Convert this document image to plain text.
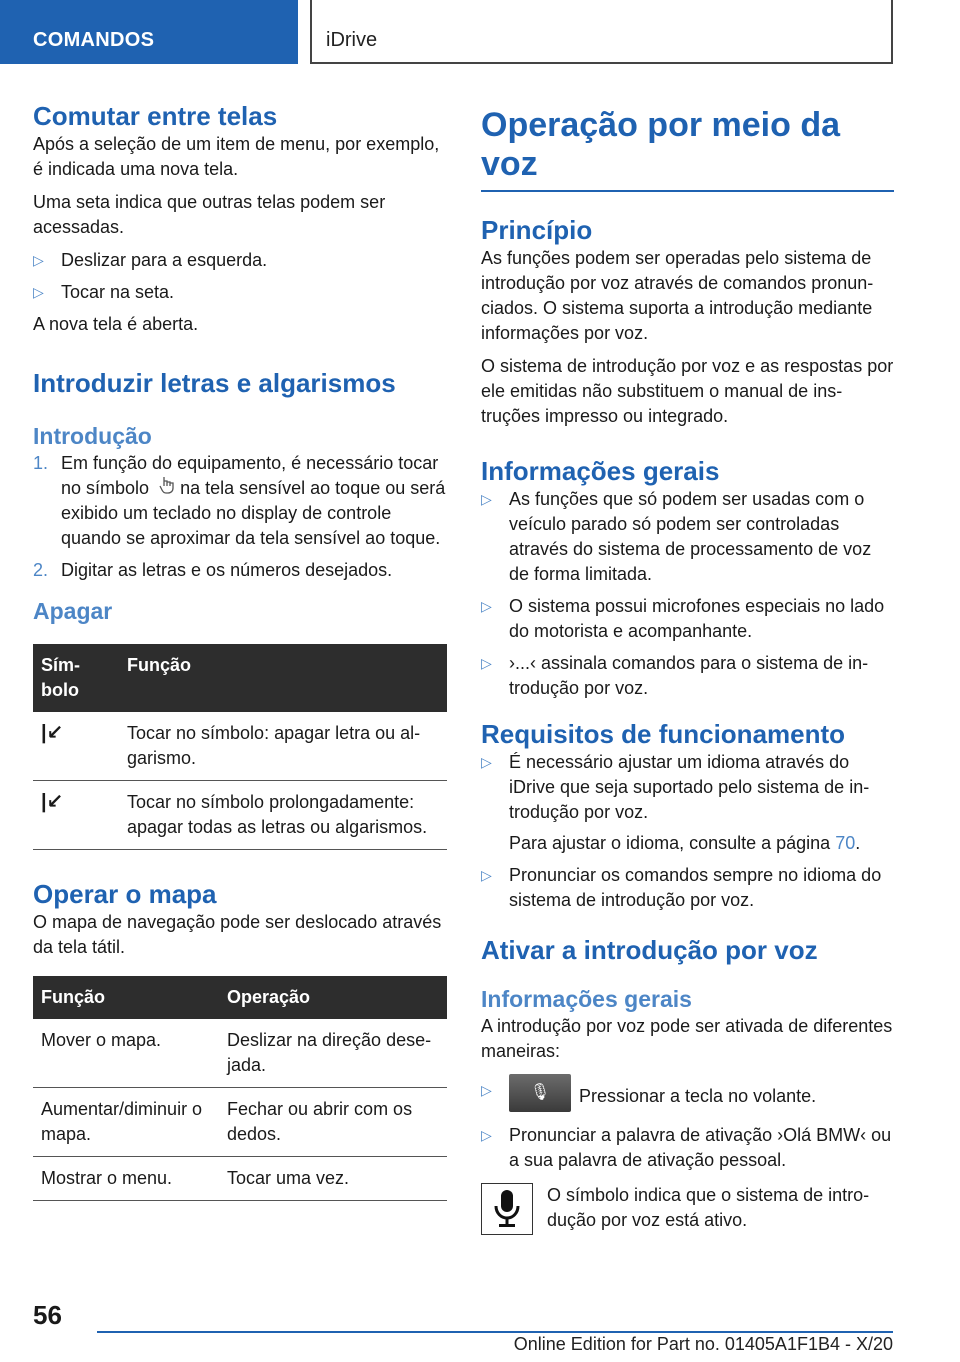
COMANDOS	iDrive
Comutar entre telas

Após a seleção de um item de menu, por exemplo, é indicada uma nova tela.

Uma seta indica que outras telas podem ser acessadas.

▷ Deslizar para a esquerda.
▷ Tocar na seta.

A nova tela é aberta.

Introduzir letras e algarismos
Introdução
1. Em função do equipamento, é necessário tocar no símbolo na tela sensível ao toque ou será exibido um teclado no display de controle quando se aproximar da tela sensível ao toque.
2. Digitar as letras e os números desejados.
Apagar
Símbolo	Função
|↙	Tocar no símbolo: apagar letra ou algarismo.
|↙	Tocar no símbolo prolongadamente: apagar todas as letras ou algarismos.
Operar o mapa

O mapa de navegação pode ser deslocado através da tela tátil.

Função	Operação
Mover o mapa.	Deslizar na direção desejada.
Aumentar/diminuir o mapa.	Fechar ou abrir com os dedos.
Mostrar o menu.	Tocar uma vez.
Operação por meio da voz
Princípio

As funções podem ser operadas pelo sistema de introdução por voz através de comandos pronunciados. O sistema suporta a introdução mediante informações por voz.

O sistema de introdução por voz e as respostas por ele emitidas não substituem o manual de instruções impresso ou integrado.

Informações gerais
▷ As funções que só podem ser usadas com o veículo parado só podem ser controladas através do sistema de processamento de voz de forma limitada.
▷ O sistema possui microfones especiais no lado do motorista e acompanhante.
▷ ›...‹ assinala comandos para o sistema de introdução por voz.
Requisitos de funcionamento
▷ É necessário ajustar um idioma através do iDrive que seja suportado pelo sistema de introdução por voz.
Para ajustar o idioma, consulte a página 70.
▷ Pronunciar os comandos sempre no idioma do sistema de introdução por voz.
Ativar a introdução por voz
Informações gerais

A introdução por voz pode ser ativada de diferentes maneiras:

▷ 🎙 Pressionar a tecla no volante.
▷ Pronunciar a palavra de ativação ›Olá BMW‹ ou a sua palavra de ativação pessoal.

O símbolo indica que o sistema de introdução por voz está ativo.

56
Online Edition for Part no. 01405A1F1B4 - X/20
